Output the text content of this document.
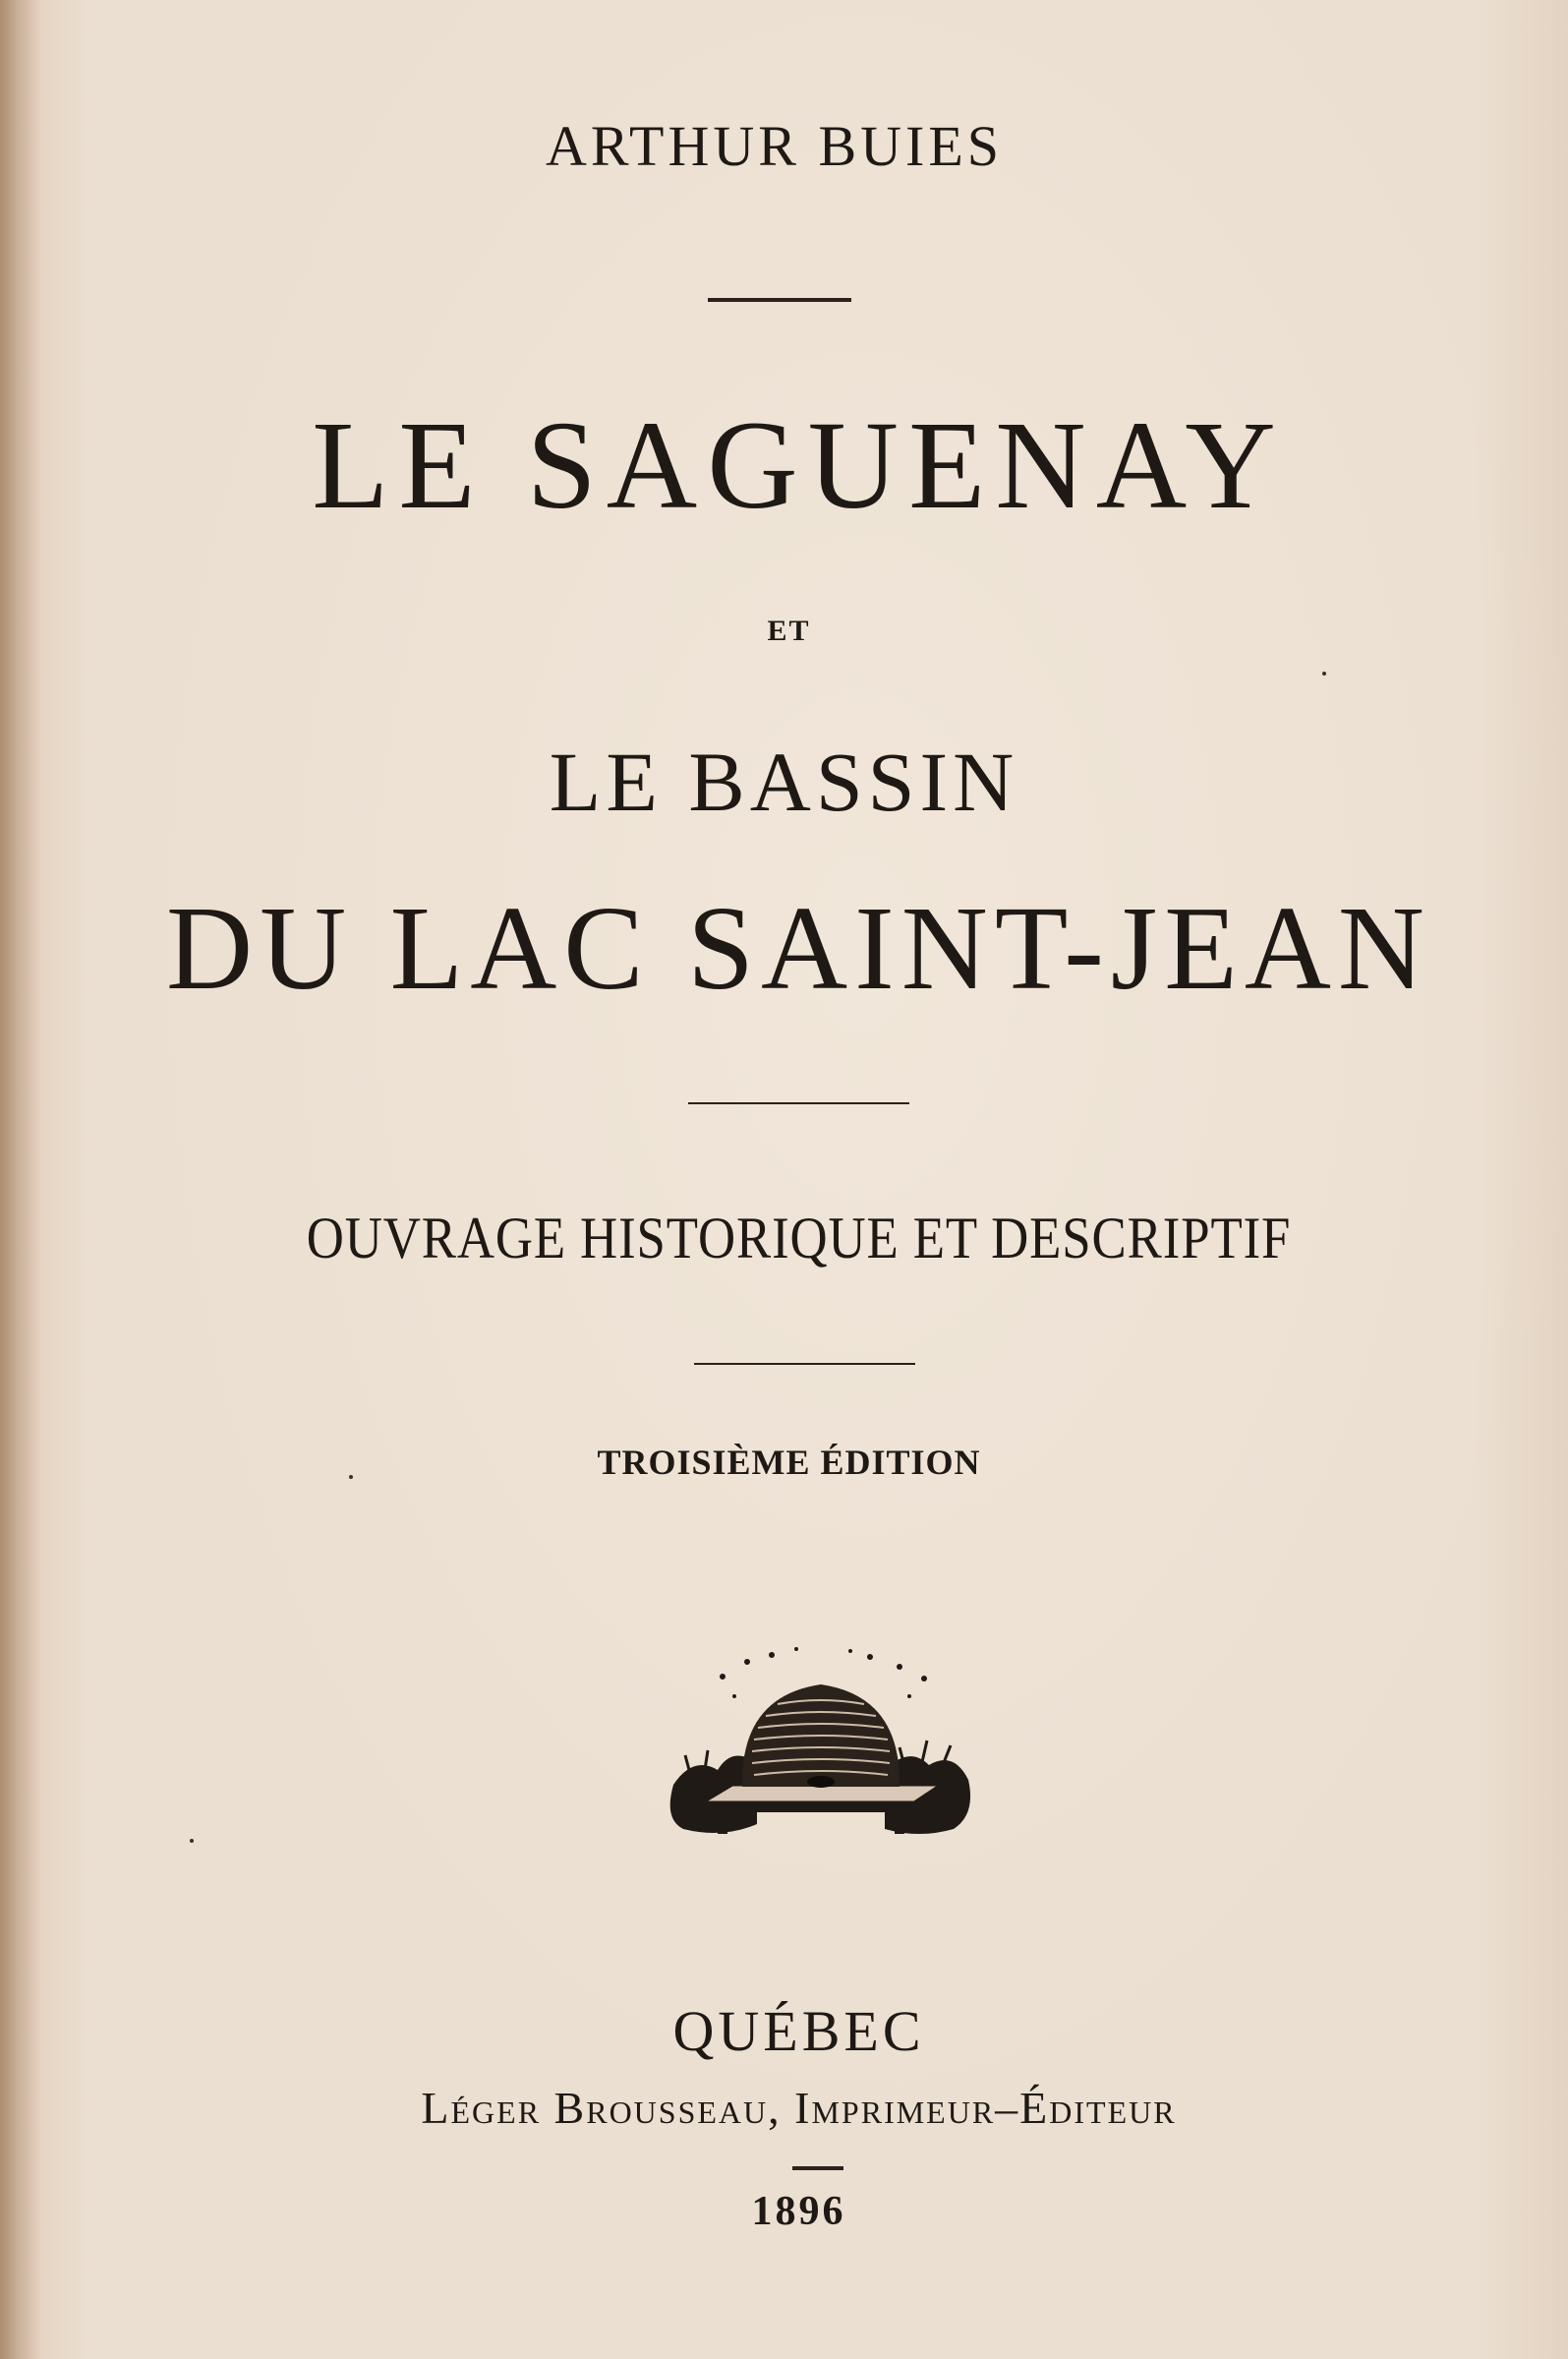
ARTHUR BUIES
LE SAGUENAY
ET
LE BASSIN
DU LAC SAINT-JEAN
OUVRAGE HISTORIQUE ET DESCRIPTIF
TROISIÈME ÉDITION
QUÉBEC
Léger Brousseau, Imprimeur–Éditeur
1896
